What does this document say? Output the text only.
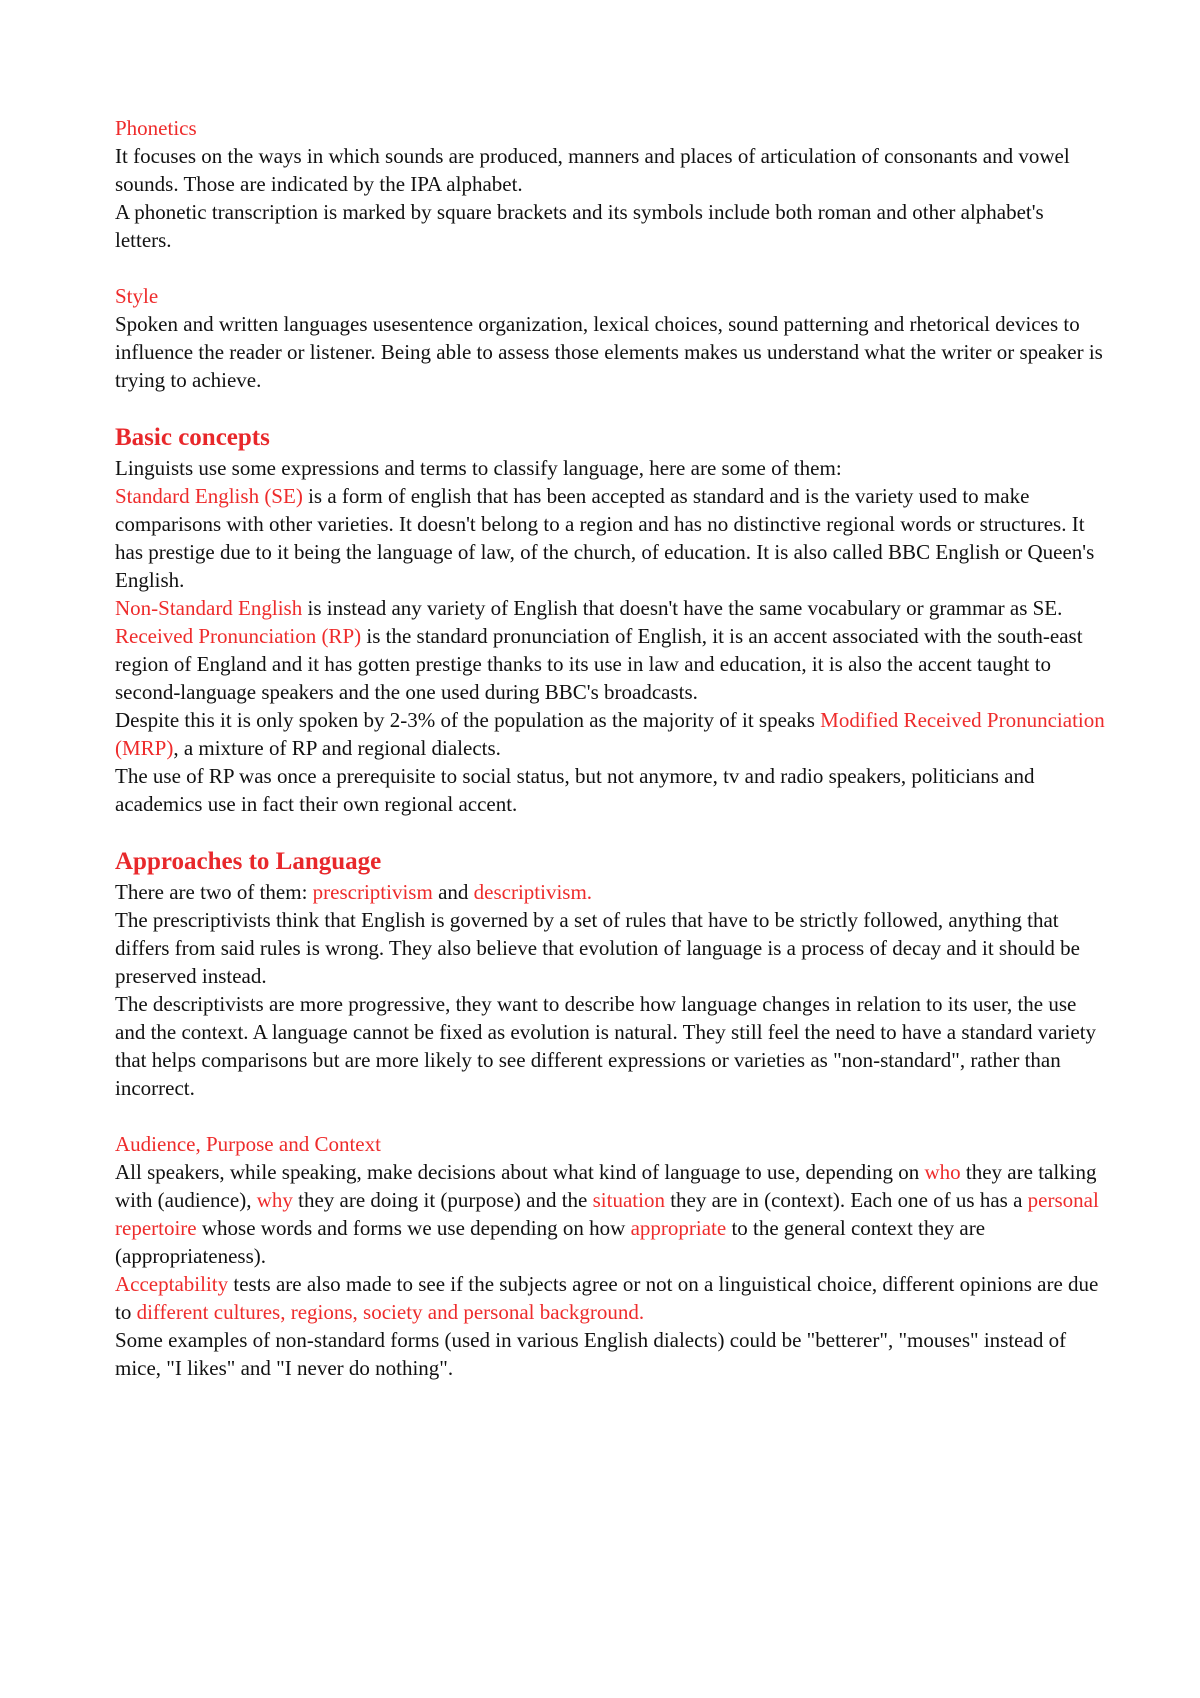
Phonetics

It focuses on the ways in which sounds are produced, manners and places of articulation of consonants and vowel sounds. Those are indicated by the IPA alphabet.

A phonetic transcription is marked by square brackets and its symbols include both roman and other alphabet's letters.

Style

Spoken and written languages usesentence organization, lexical choices, sound patterning and rhetorical devices to influence the reader or listener. Being able to assess those elements makes us understand what the writer or speaker is trying to achieve.

Basic concepts

Linguists use some expressions and terms to classify language, here are some of them:

Standard English (SE) is a form of english that has been accepted as standard and is the variety used to make comparisons with other varieties. It doesn't belong to a region and has no distinctive regional words or structures. It has prestige due to it being the language of law, of the church, of education. It is also called BBC English or Queen's English.

Non-Standard English is instead any variety of English that doesn't have the same vocabulary or grammar as SE.

Received Pronunciation (RP) is the standard pronunciation of English, it is an accent associated with the south-east region of England and it has gotten prestige thanks to its use in law and education, it is also the accent taught to second-language speakers and the one used during BBC's broadcasts.

Despite this it is only spoken by 2-3% of the population as the majority of it speaks Modified Received Pronunciation (MRP), a mixture of RP and regional dialects.

The use of RP was once a prerequisite to social status, but not anymore, tv and radio speakers, politicians and academics use in fact their own regional accent.

Approaches to Language

There are two of them: prescriptivism and descriptivism.

The prescriptivists think that English is governed by a set of rules that have to be strictly followed, anything that differs from said rules is wrong. They also believe that evolution of language is a process of decay and it should be preserved instead.

The descriptivists are more progressive, they want to describe how language changes in relation to its user, the use and the context. A language cannot be fixed as evolution is natural. They still feel the need to have a standard variety that helps comparisons but are more likely to see different expressions or varieties as "non-standard", rather than incorrect.

Audience, Purpose and Context

All speakers, while speaking, make decisions about what kind of language to use, depending on who they are talking with (audience), why they are doing it (purpose) and the situation they are in (context). Each one of us has a personal repertoire whose words and forms we use depending on how appropriate to the general context they are (appropriateness).

Acceptability tests are also made to see if the subjects agree or not on a linguistical choice, different opinions are due to different cultures, regions, society and personal background.

Some examples of non-standard forms (used in various English dialects) could be "betterer", "mouses" instead of mice, "I likes" and "I never do nothing".
